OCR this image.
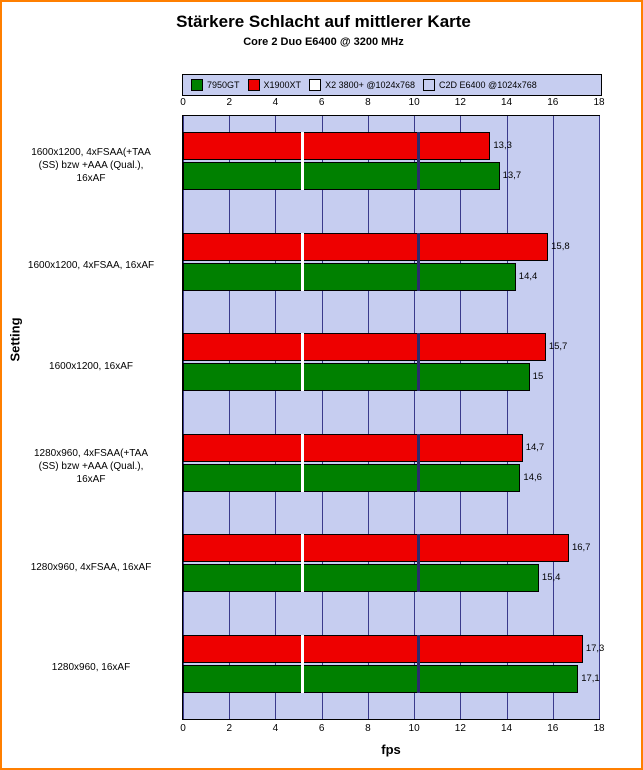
Stärkere Schlacht auf mittlerer Karte
Core 2 Duo E6400 @ 3200 MHz
7950GT	X1900XT	X2 3800+ @1024x768	C2D E6400 @1024x768
0	2	4	6	8	10	12	14	16	18
1600x1200, 4xFSAA(+TAA
(SS) bzw +AAA (Qual.),
16xAF
1600x1200, 4xFSAA, 16xAF
1600x1200, 16xAF
1280x960, 4xFSAA(+TAA
(SS) bzw +AAA (Qual.),
16xAF
1280x960, 4xFSAA, 16xAF
1280x960, 16xAF
Setting
13,3
13,7
15,8
14,4
15,7
15
14,7
14,6
16,7
15,4
17,3
17,1
0	2	4	6	8	10	12	14	16	18
fps
